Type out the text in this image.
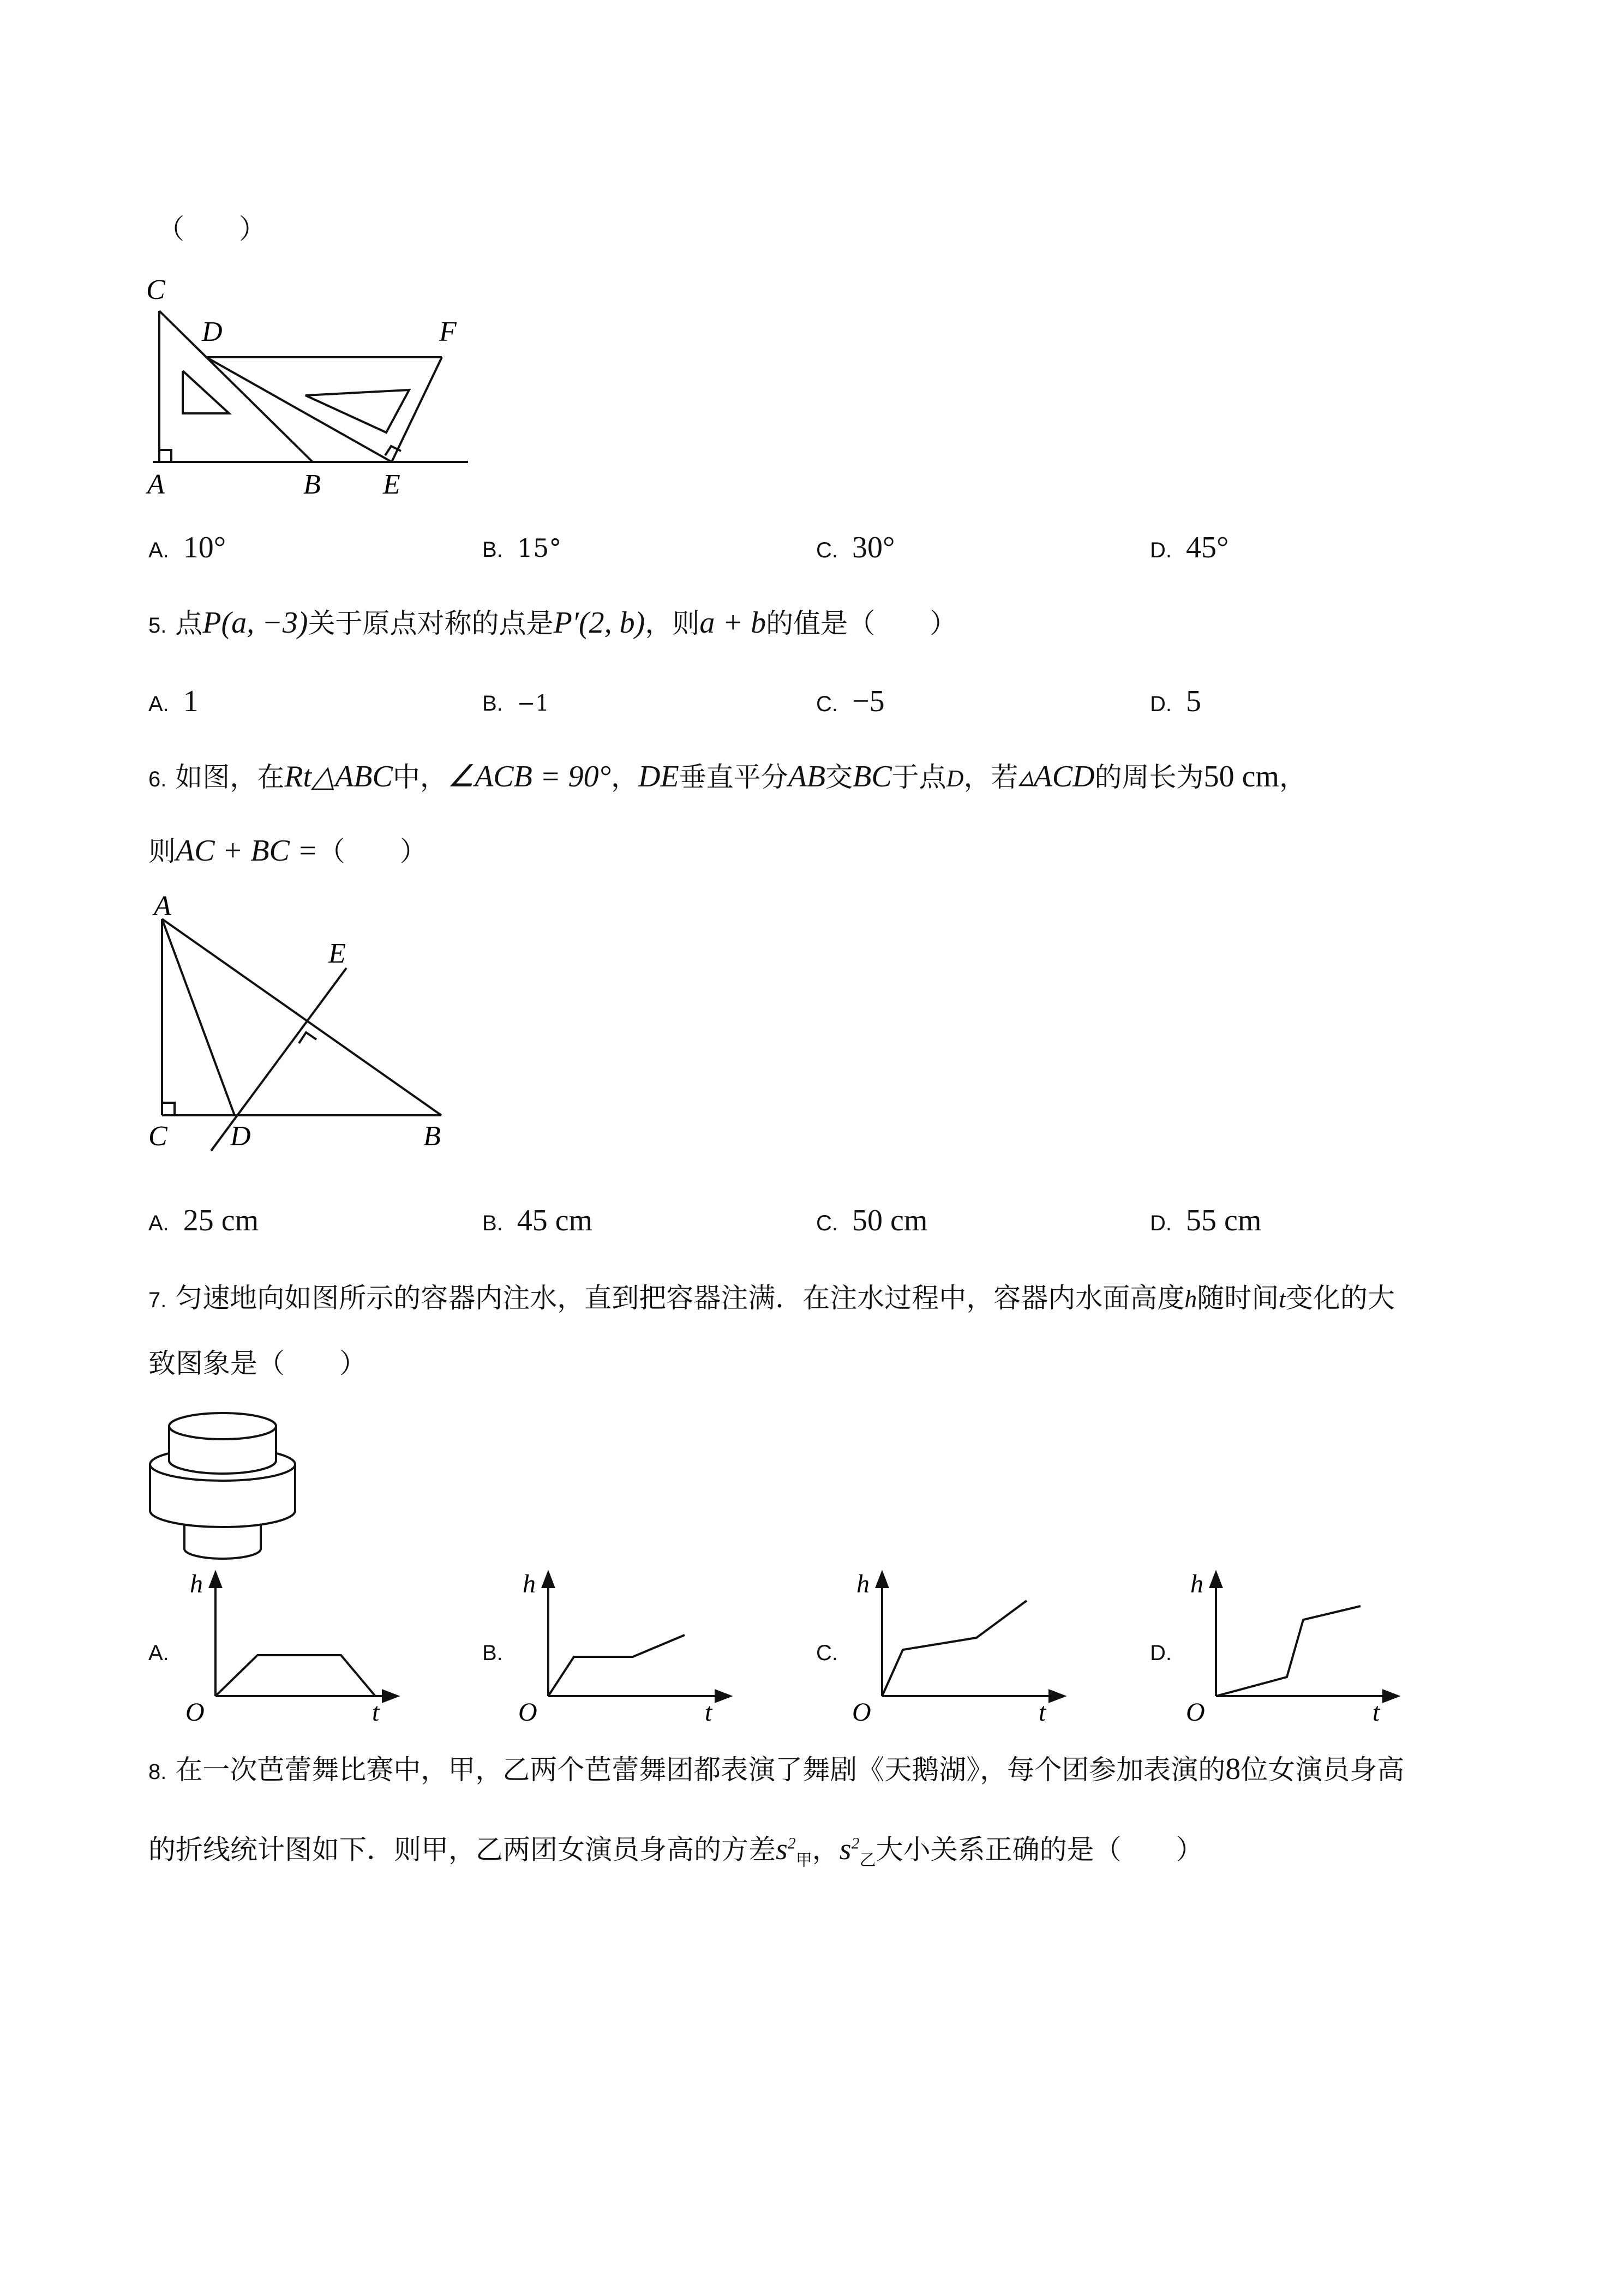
（　　）
C
D	F
A	B E
A. 10°	B. 15°	C. 30°	D. 45°
5. 点P(a, −3)关于原点对称的点是P′(2, b)，则a + b的值是（　　）
A. 1	B. −1	C. −5	D. 5
6. 如图，在Rt△ABC中，∠ACB = 90°，DE垂直平分AB交BC于点D，若▵ACD的周长为50 cm，
则AC + BC =（　　）
A
E
C D	B
A. 25 cm	B. 45 cm	C. 50 cm	D. 55 cm
7. 匀速地向如图所示的容器内注水，直到把容器注满．在注水过程中，容器内水面高度h随时间t变化的大
致图象是（　　）
A.
h
O	t
B.
h
O	t
C.
h
O	t
D.
h
O	t
8. 在一次芭蕾舞比赛中，甲，乙两个芭蕾舞团都表演了舞剧《天鹅湖》，每个团参加表演的8位女演员身高
的折线统计图如下．则甲，乙两团女演员身高的方差$s^2_甲$，$s^2_乙$大小关系正确的是（　　）
